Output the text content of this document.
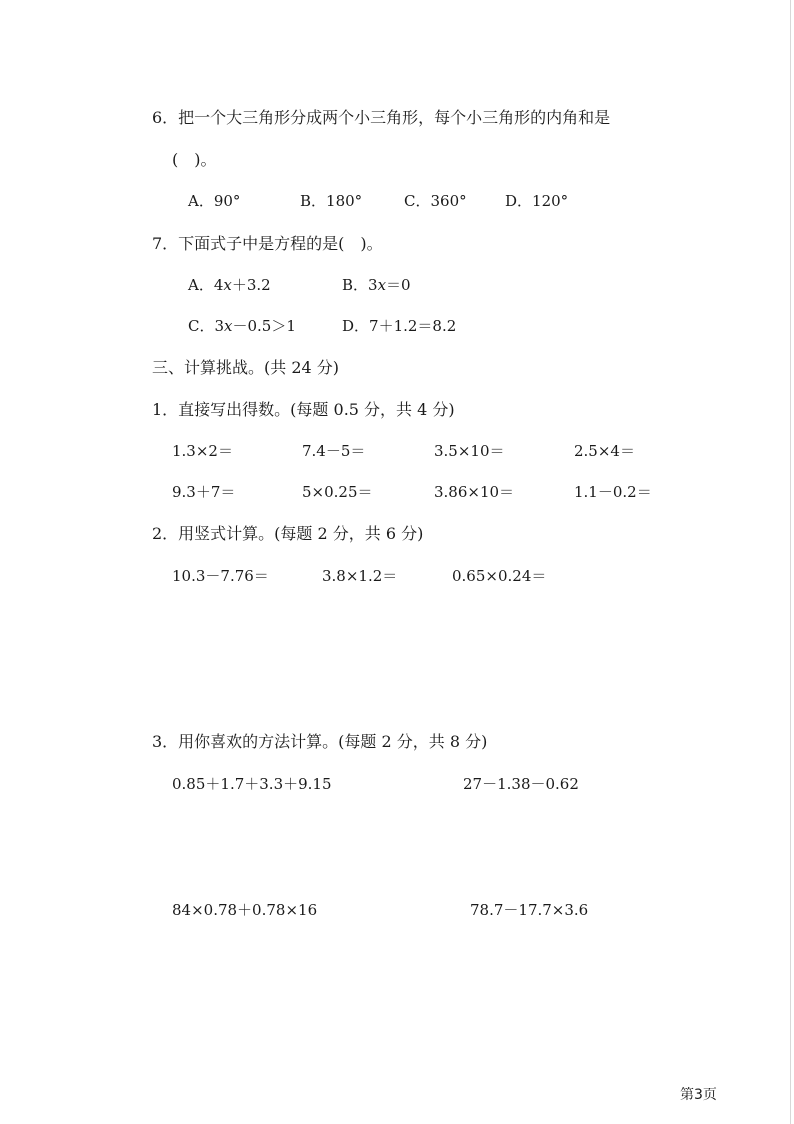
6．把一个大三角形分成两个小三角形，每个小三角形的内角和是
(　)。
A．90°	B．180°	C．360°	D．120°
7．下面式子中是方程的是(　)。
A．4x＋3.2	B．3x＝0
C．3x－0.5＞1	D．7＋1.2＝8.2
三、计算挑战。(共 24 分)
1．直接写出得数。(每题 0.5 分，共 4 分)
1.3×2＝	7.4－5＝	3.5×10＝	2.5×4＝
9.3＋7＝	5×0.25＝	3.86×10＝	1.1－0.2＝
2．用竖式计算。(每题 2 分，共 6 分)
10.3－7.76＝	3.8×1.2＝	0.65×0.24＝
3．用你喜欢的方法计算。(每题 2 分，共 8 分)
0.85＋1.7＋3.3＋9.15	27－1.38－0.62
84×0.78＋0.78×16	78.7－17.7×3.6
第3页
